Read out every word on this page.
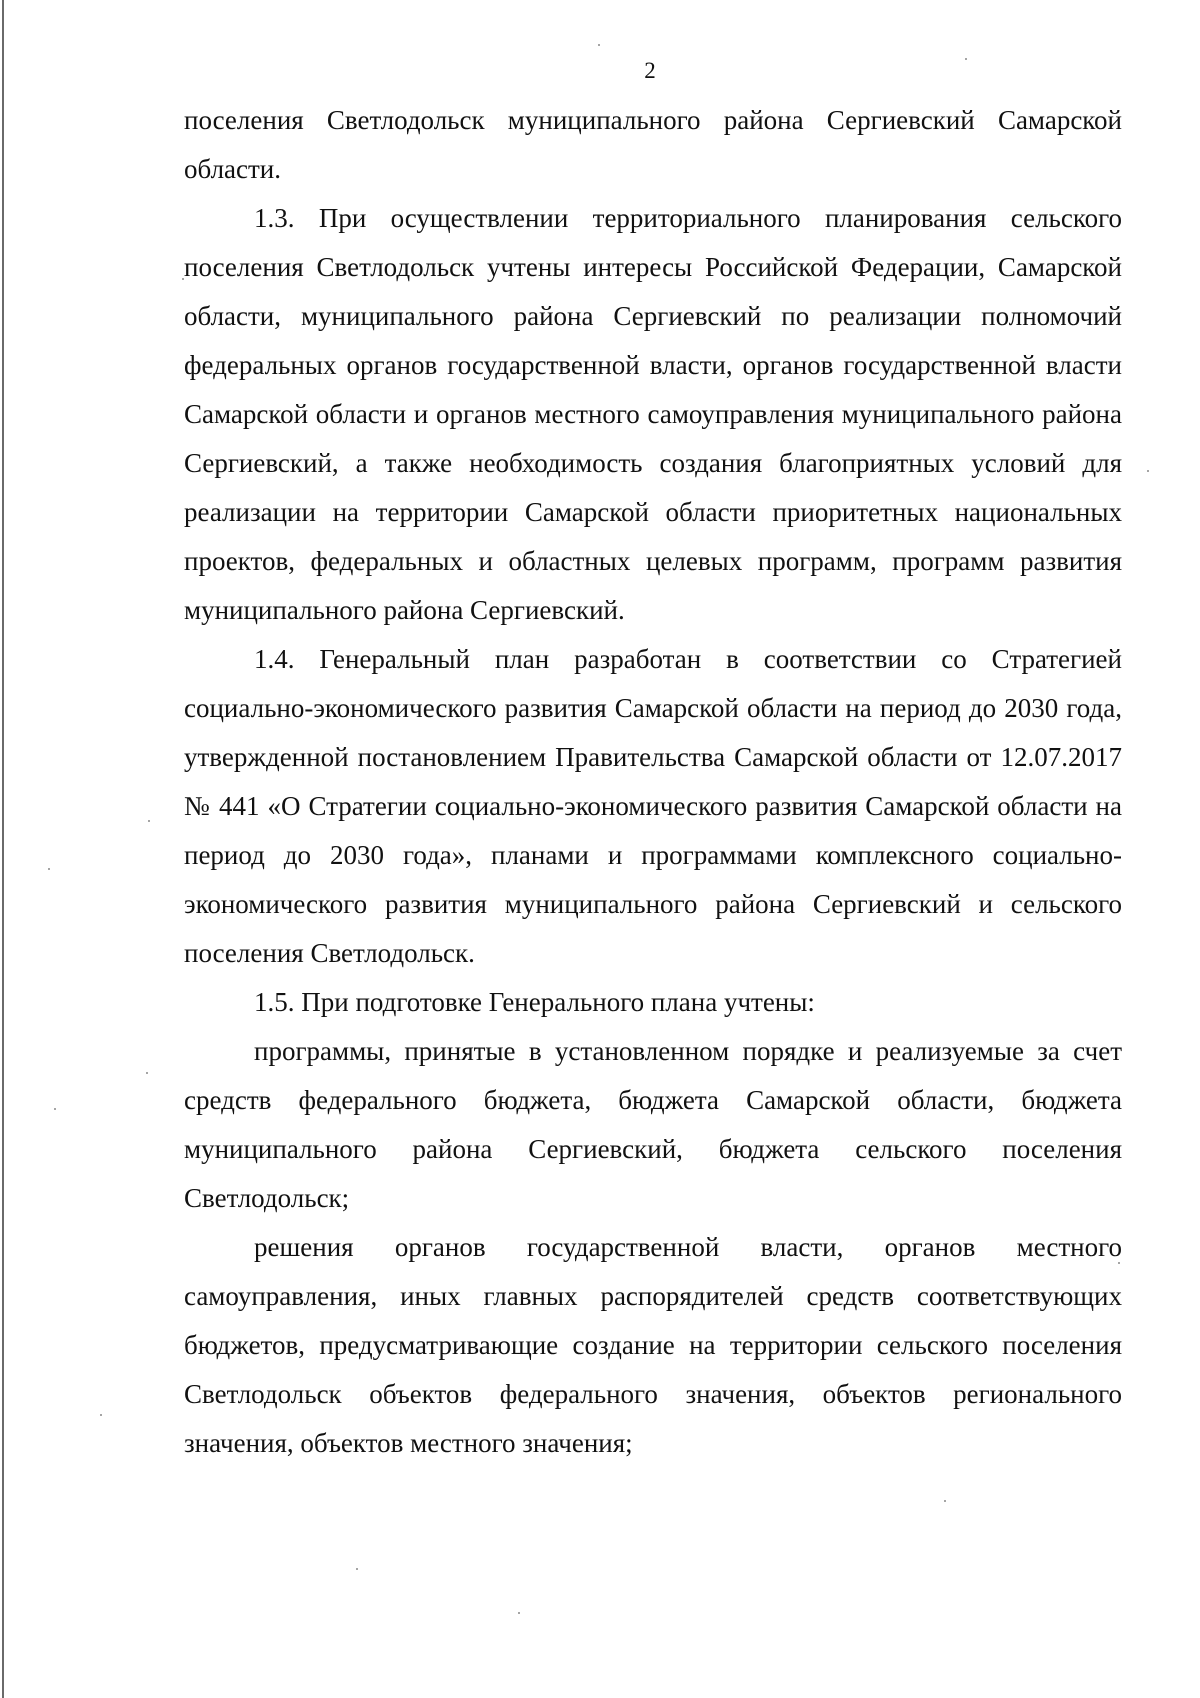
2

поселения Светлодольск муниципального района Сергиевский Самарской области.

1.3. При осуществлении территориального планирования сельского поселения Светлодольск учтены интересы Российской Федерации, Самарской области, муниципального района Сергиевский по реализации полномочий федеральных органов государственной власти, органов государственной власти Самарской области и органов местного самоуправления муниципального района Сергиевский, а также необходимость создания благоприятных условий для реализации на территории Самарской области приоритетных национальных проектов, федеральных и областных целевых программ, программ развития муниципального района Сергиевский.

1.4. Генеральный план разработан в соответствии со Стратегией социально-экономического развития Самарской области на период до 2030 года, утвержденной постановлением Правительства Самарской области от 12.07.2017 № 441 «О Стратегии социально-экономического развития Самарской области на период до 2030 года», планами и программами комплексного социально-экономического развития муниципального района Сергиевский и сельского поселения Светлодольск.

1.5. При подготовке Генерального плана учтены:

программы, принятые в установленном порядке и реализуемые за счет средств федерального бюджета, бюджета Самарской области, бюджета муниципального района Сергиевский, бюджета сельского поселения Светлодольск;

решения органов государственной власти, органов местного самоуправления, иных главных распорядителей средств соответствующих бюджетов, предусматривающие создание на территории сельского поселения Светлодольск объектов федерального значения, объектов регионального значения, объектов местного значения;
